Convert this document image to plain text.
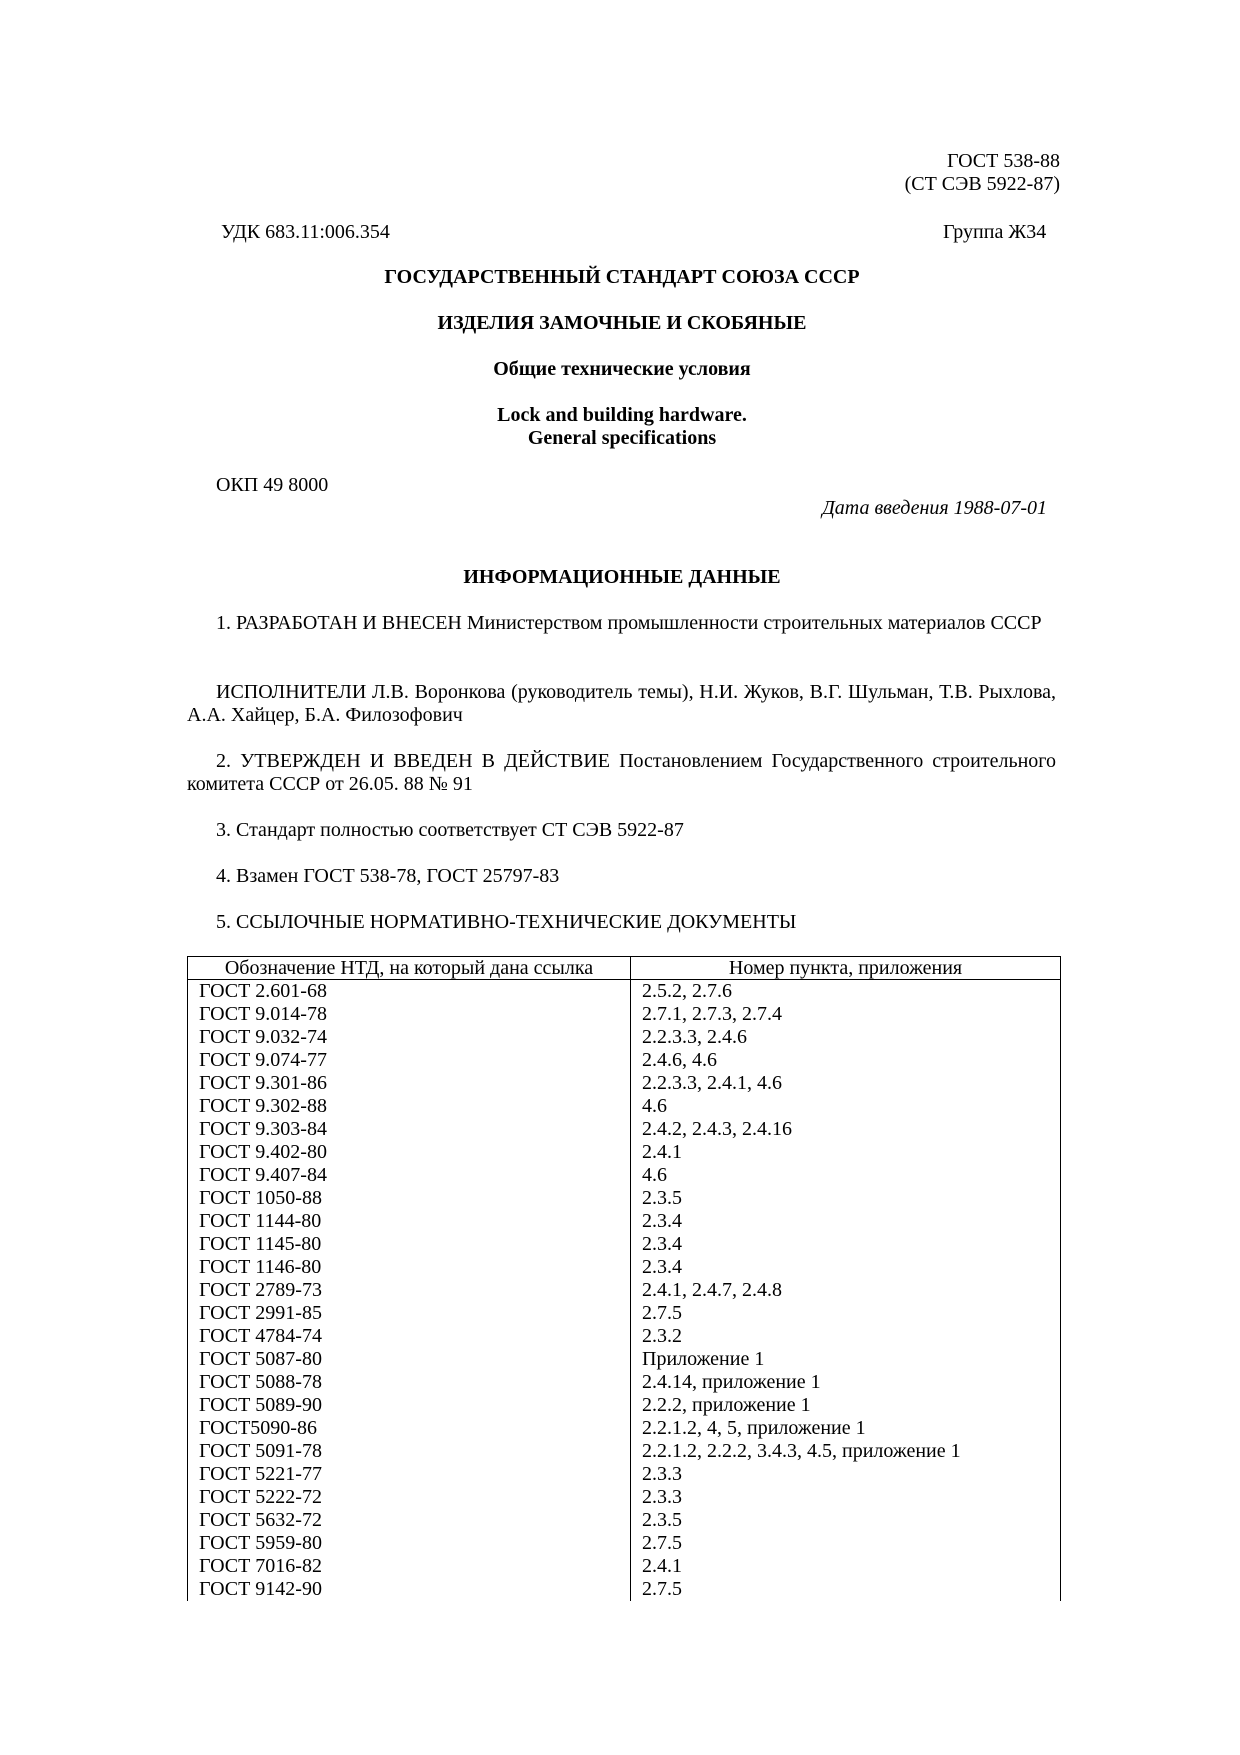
ГОСТ 538-88
(СТ СЭВ 5922-87)
УДК 683.11:006.354	Группа Ж34
ГОСУДАРСТВЕННЫЙ СТАНДАРТ СОЮЗА СССР
ИЗДЕЛИЯ ЗАМОЧНЫЕ И СКОБЯНЫЕ
Общие технические условия
Lock and building hardware.
General specifications
ОКП 49 8000
Дата введения 1988-07-01
ИНФОРМАЦИОННЫЕ ДАННЫЕ
1. РАЗРАБОТАН И ВНЕСЕН Министерством промышленности строительных материалов СССР
ИСПОЛНИТЕЛИ Л.В. Воронкова (руководитель темы), Н.И. Жуков, В.Г. Шульман, Т.В. Рыхлова, А.А. Хайцер, Б.А. Филозофович
2. УТВЕРЖДЕН И ВВЕДЕН В ДЕЙСТВИЕ Постановлением Государственного строительного комитета СССР от 26.05. 88 № 91
3. Стандарт полностью соответствует СТ СЭВ 5922-87
4. Взамен ГОСТ 538-78, ГОСТ 25797-83
5. ССЫЛОЧНЫЕ НОРМАТИВНО-ТЕХНИЧЕСКИЕ ДОКУМЕНТЫ
Обозначение НТД, на который дана ссылка	Номер пункта, приложения
ГОСТ 2.601-68	2.5.2, 2.7.6
ГОСТ 9.014-78	2.7.1, 2.7.3, 2.7.4
ГОСТ 9.032-74	2.2.3.3, 2.4.6
ГОСТ 9.074-77	2.4.6, 4.6
ГОСТ 9.301-86	2.2.3.3, 2.4.1, 4.6
ГОСТ 9.302-88	4.6
ГОСТ 9.303-84	2.4.2, 2.4.3, 2.4.16
ГОСТ 9.402-80	2.4.1
ГОСТ 9.407-84	4.6
ГОСТ 1050-88	2.3.5
ГОСТ 1144-80	2.3.4
ГОСТ 1145-80	2.3.4
ГОСТ 1146-80	2.3.4
ГОСТ 2789-73	2.4.1, 2.4.7, 2.4.8
ГОСТ 2991-85	2.7.5
ГОСТ 4784-74	2.3.2
ГОСТ 5087-80	Приложение 1
ГОСТ 5088-78	2.4.14, приложение 1
ГОСТ 5089-90	2.2.2, приложение 1
ГОСТ5090-86	2.2.1.2, 4, 5, приложение 1
ГОСТ 5091-78	2.2.1.2, 2.2.2, 3.4.3, 4.5, приложение 1
ГОСТ 5221-77	2.3.3
ГОСТ 5222-72	2.3.3
ГОСТ 5632-72	2.3.5
ГОСТ 5959-80	2.7.5
ГОСТ 7016-82	2.4.1
ГОСТ 9142-90	2.7.5
